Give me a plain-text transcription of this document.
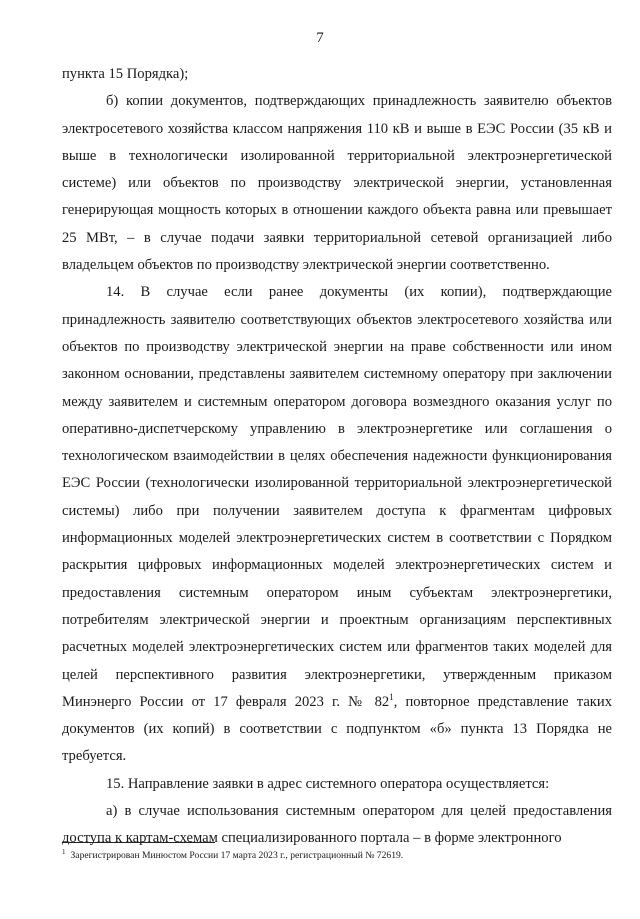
7

пункта 15 Порядка);

б) копии документов, подтверждающих принадлежность заявителю объектов электросетевого хозяйства классом напряжения 110 кВ и выше в ЕЭС России (35 кВ и выше в технологически изолированной территориальной электроэнергетической системе) или объектов по производству электрической энергии, установленная генерирующая мощность которых в отношении каждого объекта равна или превышает 25 МВт, – в случае подачи заявки территориальной сетевой организацией либо владельцем объектов по производству электрической энергии соответственно.

14. В случае если ранее документы (их копии), подтверждающие принадлежность заявителю соответствующих объектов электросетевого хозяйства или объектов по производству электрической энергии на праве собственности или ином законном основании, представлены заявителем системному оператору при заключении между заявителем и системным оператором договора возмездного оказания услуг по оперативно-диспетчерскому управлению в электроэнергетике или соглашения о технологическом взаимодействии в целях обеспечения надежности функционирования ЕЭС России (технологически изолированной территориальной электроэнергетической системы) либо при получении заявителем доступа к фрагментам цифровых информационных моделей электроэнергетических систем в соответствии с Порядком раскрытия цифровых информационных моделей электроэнергетических систем и предоставления системным оператором иным субъектам электроэнергетики, потребителям электрической энергии и проектным организациям перспективных расчетных моделей электроэнергетических систем или фрагментов таких моделей для целей перспективного развития электроэнергетики, утвержденным приказом Минэнерго России от 17 февраля 2023 г. № $82^1$, повторное представление таких документов (их копий) в соответствии с подпунктом «б» пункта 13 Порядка не требуется.

15. Направление заявки в адрес системного оператора осуществляется:

а) в случае использования системным оператором для целей предоставления доступа к картам-схемам специализированного портала – в форме электронного

$^1$ Зарегистрирован Минюстом России 17 марта 2023 г., регистрационный № 72619.
